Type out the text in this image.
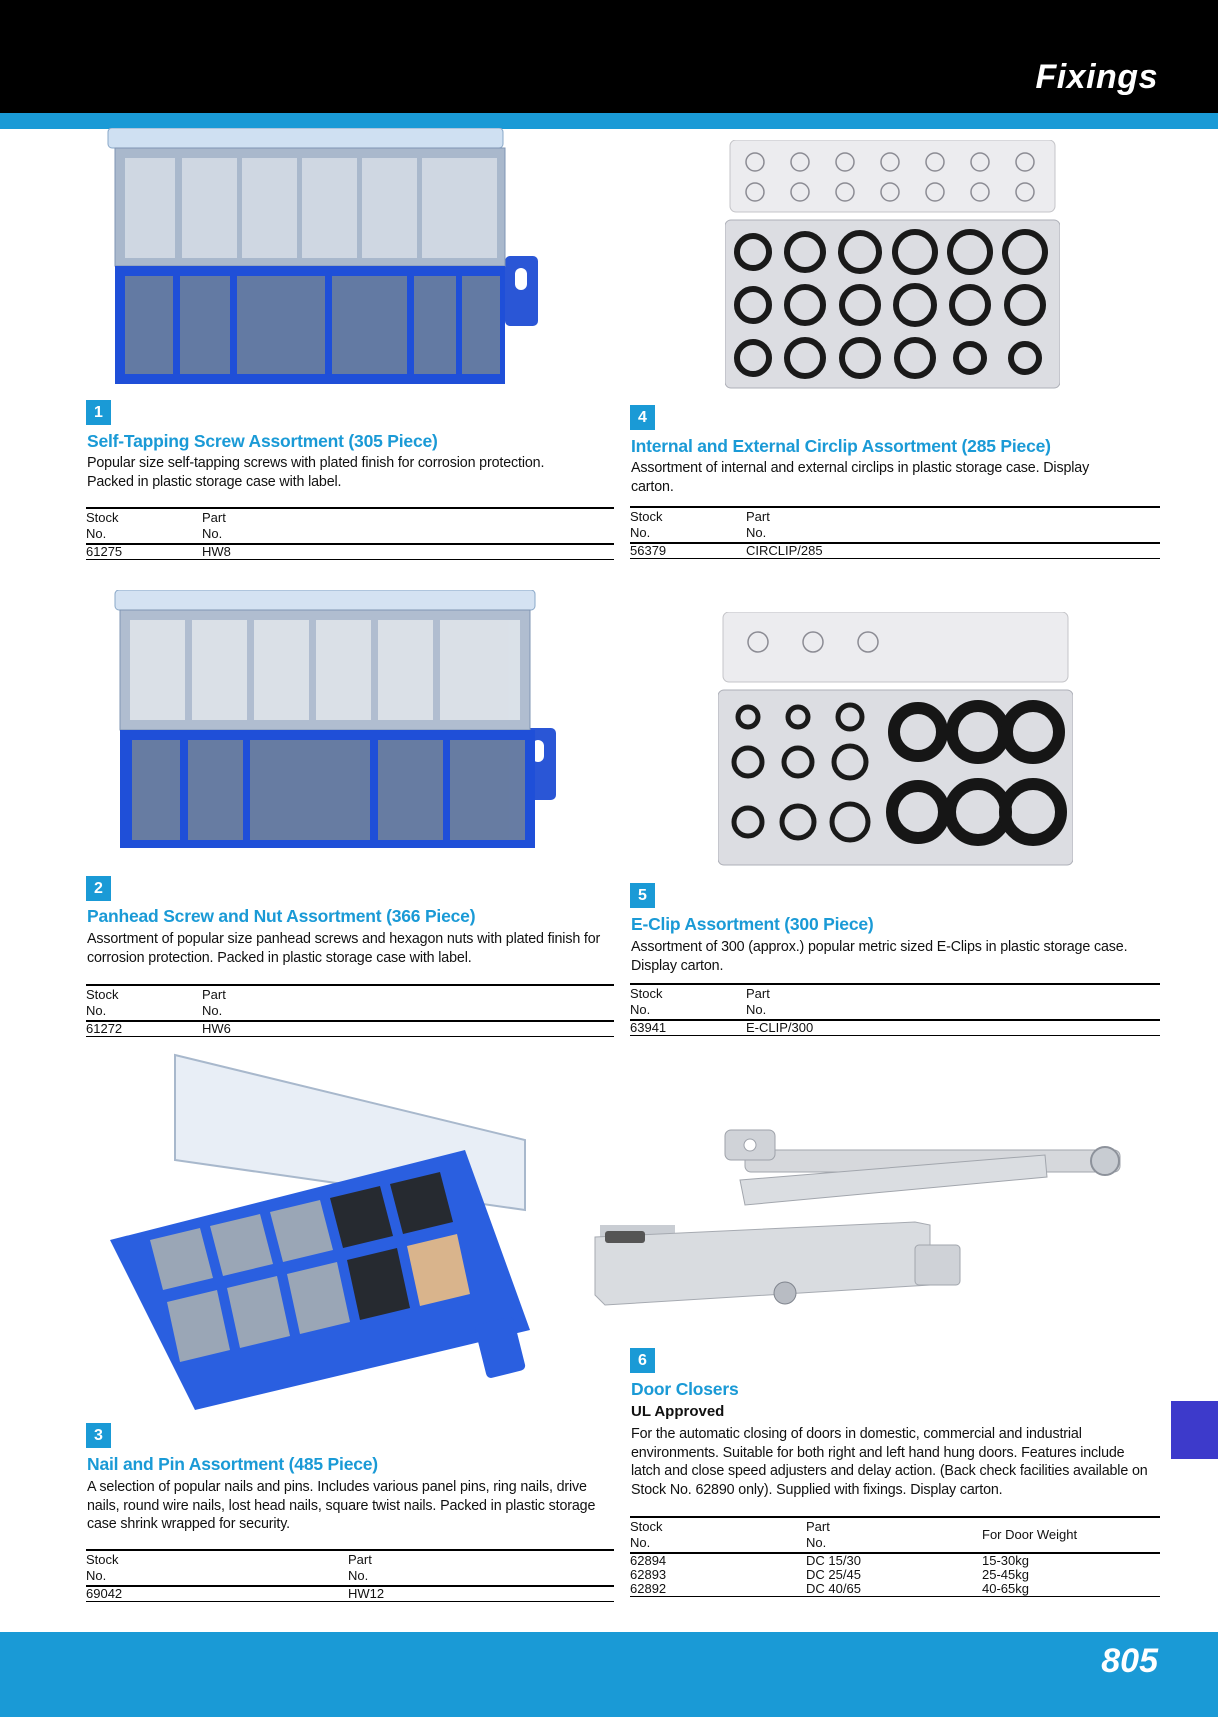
Fixings
805
1
Self-Tapping Screw Assortment (305 Piece)
Popular size self-tapping screws with plated finish for corrosion protection. Packed in plastic storage case with label.
Stock
No.	Part
No.
61275	HW8
4
Internal and External Circlip Assortment (285 Piece)
Assortment of internal and external circlips in plastic storage case. Display carton.
Stock
No.	Part
No.
56379	CIRCLIP/285
2
Panhead Screw and Nut Assortment (366 Piece)
Assortment of popular size panhead screws and hexagon nuts with plated finish for corrosion protection. Packed in plastic storage case with label.
Stock
No.	Part
No.
61272	HW6
5
E-Clip Assortment (300 Piece)
Assortment of 300 (approx.) popular metric sized E-Clips in plastic storage case. Display carton.
Stock
No.	Part
No.
63941	E-CLIP/300
3
Nail and Pin Assortment (485 Piece)
A selection of popular nails and pins. Includes various panel pins, ring nails, drive nails, round wire nails, lost head nails, square twist nails. Packed in plastic storage case shrink wrapped for security.
Stock
No.	Part
No.
69042	HW12
6
Door Closers
UL Approved
For the automatic closing of doors in domestic, commercial and industrial environments. Suitable for both right and left hand hung doors. Features include latch and close speed adjusters and delay action. (Back check facilities available on Stock No. 62890 only). Supplied with fixings. Display carton.
Stock
No.	Part
No.	For Door Weight
62894	DC 15/30	15-30kg
62893	DC 25/45	25-45kg
62892	DC 40/65	40-65kg
